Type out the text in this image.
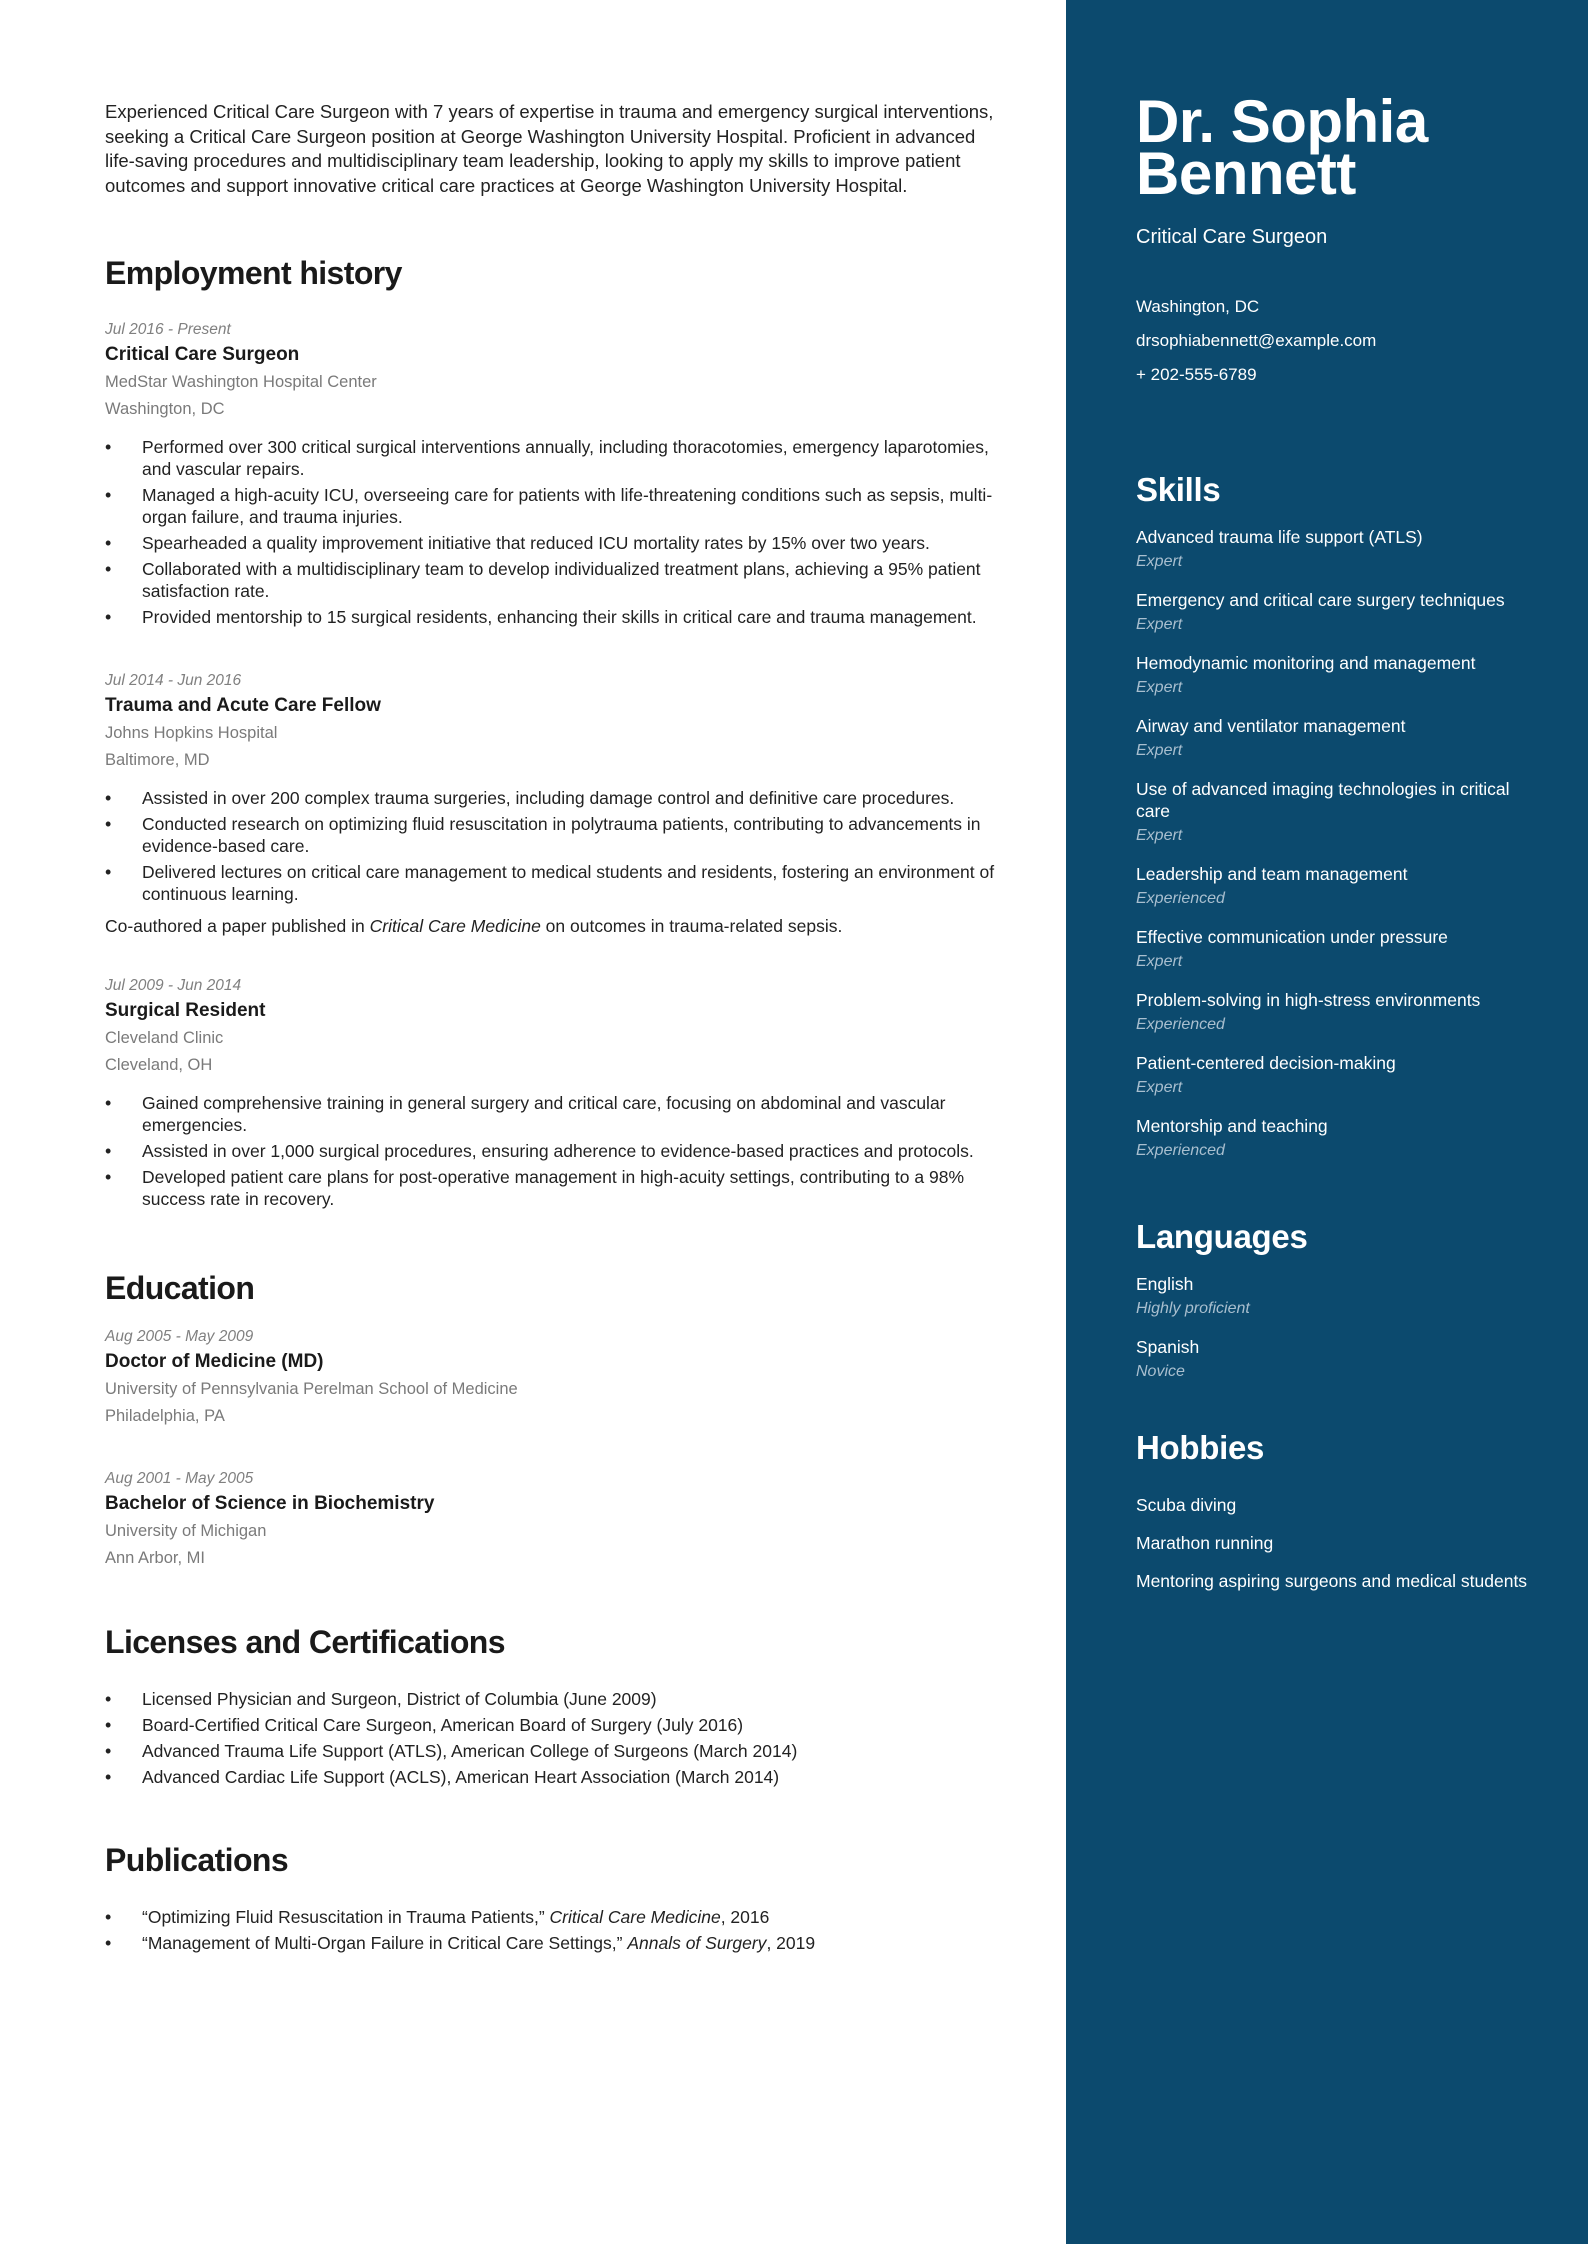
Experienced Critical Care Surgeon with 7 years of expertise in trauma and emergency surgical interventions, seeking a Critical Care Surgeon position at George Washington University Hospital. Proficient in advanced life-saving procedures and multidisciplinary team leadership, looking to apply my skills to improve patient outcomes and support innovative critical care practices at George Washington University Hospital.

Employment history
Jul 2016 - Present
Critical Care Surgeon
MedStar Washington Hospital Center
Washington, DC
• Performed over 300 critical surgical interventions annually, including thoracotomies, emergency laparotomies, and vascular repairs.
• Managed a high-acuity ICU, overseeing care for patients with life-threatening conditions such as sepsis, multi-organ failure, and trauma injuries.
• Spearheaded a quality improvement initiative that reduced ICU mortality rates by 15% over two years.
• Collaborated with a multidisciplinary team to develop individualized treatment plans, achieving a 95% patient satisfaction rate.
• Provided mentorship to 15 surgical residents, enhancing their skills in critical care and trauma management.
Jul 2014 - Jun 2016
Trauma and Acute Care Fellow
Johns Hopkins Hospital
Baltimore, MD
• Assisted in over 200 complex trauma surgeries, including damage control and definitive care procedures.
• Conducted research on optimizing fluid resuscitation in polytrauma patients, contributing to advancements in evidence-based care.
• Delivered lectures on critical care management to medical students and residents, fostering an environment of continuous learning.

Co-authored a paper published in Critical Care Medicine on outcomes in trauma-related sepsis.

Jul 2009 - Jun 2014
Surgical Resident
Cleveland Clinic
Cleveland, OH
• Gained comprehensive training in general surgery and critical care, focusing on abdominal and vascular emergencies.
• Assisted in over 1,000 surgical procedures, ensuring adherence to evidence-based practices and protocols.
• Developed patient care plans for post-operative management in high-acuity settings, contributing to a 98% success rate in recovery.
Education
Aug 2005 - May 2009
Doctor of Medicine (MD)
University of Pennsylvania Perelman School of Medicine
Philadelphia, PA
Aug 2001 - May 2005
Bachelor of Science in Biochemistry
University of Michigan
Ann Arbor, MI
Licenses and Certifications
• Licensed Physician and Surgeon, District of Columbia (June 2009)
• Board-Certified Critical Care Surgeon, American Board of Surgery (July 2016)
• Advanced Trauma Life Support (ATLS), American College of Surgeons (March 2014)
• Advanced Cardiac Life Support (ACLS), American Heart Association (March 2014)
Publications
• “Optimizing Fluid Resuscitation in Trauma Patients,” Critical Care Medicine, 2016
• “Management of Multi-Organ Failure in Critical Care Settings,” Annals of Surgery, 2019
Dr. Sophia Bennett
Critical Care Surgeon
Washington, DC
drsophiabennett@example.com
+ 202-555-6789
Skills
Advanced trauma life support (ATLS)
Expert
Emergency and critical care surgery techniques
Expert
Hemodynamic monitoring and management
Expert
Airway and ventilator management
Expert
Use of advanced imaging technologies in critical care
Expert
Leadership and team management
Experienced
Effective communication under pressure
Expert
Problem-solving in high-stress environments
Experienced
Patient-centered decision-making
Expert
Mentorship and teaching
Experienced
Languages
English
Highly proficient
Spanish
Novice
Hobbies
Scuba diving
Marathon running
Mentoring aspiring surgeons and medical students
